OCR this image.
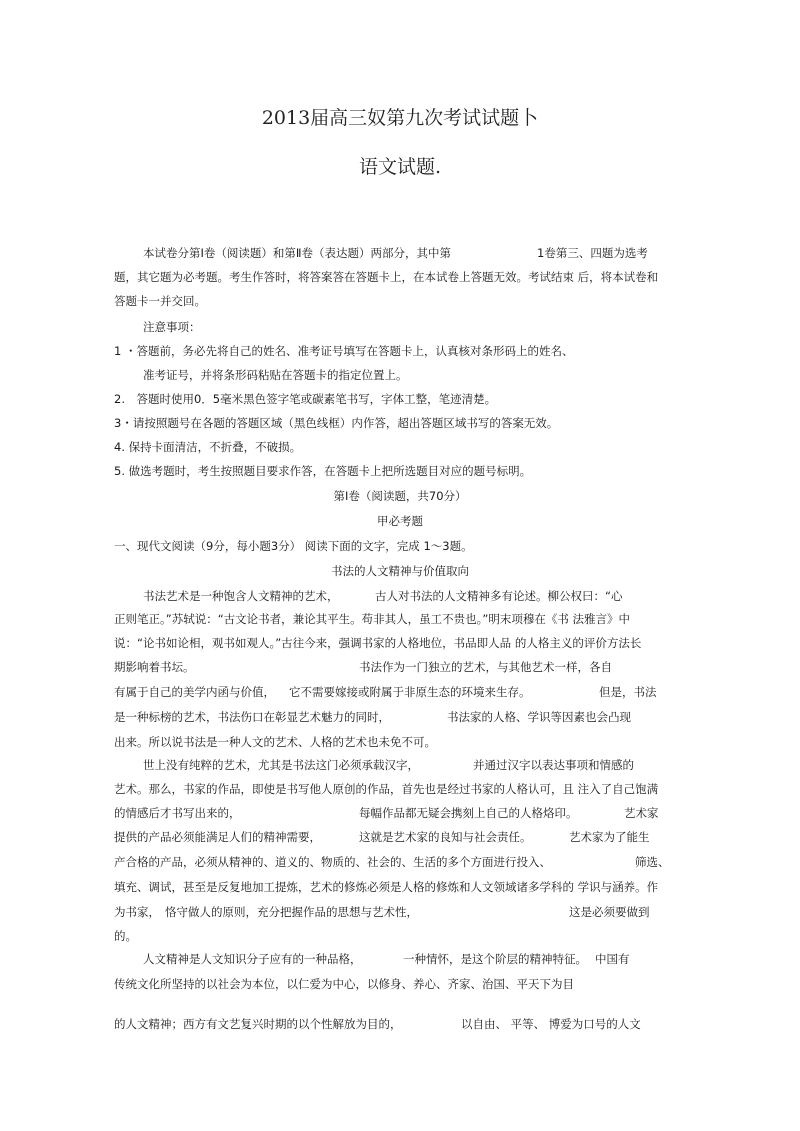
2013届高三奴第九次考试试题卜
语文试题.
本试卷分第Ⅰ卷（阅读题）和第Ⅱ卷（表达题）两部分，其中第	1卷第三、四题为选考
题，其它题为必考题。考生作答时，将答案答在答题卡上，在本试卷上答题无效。考试结束 后，将本试卷和
答题卡一并交回。
注意事项：
1 ・答题前，务必先将自己的姓名、准考证号填写在答题卡上，认真核对条形码上的姓名、
准考证号，并将条形码粘贴在答题卡的指定位置上。
2.　答题时使用0．5毫米黑色签字笔或碳素笔书写，字体工整，笔迹清楚。
3・请按照题号在各题的答题区域（黑色线框）内作答，超出答题区域书写的答案无效。
4. 保持卡面清洁，不折叠，不破损。
5. 做选考题时，考生按照题目要求作答，在答题卡上把所选题目对应的题号标明。
第Ⅰ卷（阅读题，共70分）
甲必考题
一、现代文阅读（9分，每小题3分） 阅读下面的文字，完成 1～3题。
书法的人文精神与价值取向
书法艺术是一种饱含人文精神的艺术，	古人对书法的人文精神多有论述。柳公权曰：“心
正则笔正。”苏轼说：“古文论书者，兼论其平生。苟非其人，虽工不贵也。”明末项穆在《书 法雅言》中
说：“论书如论相，观书如观人。”古往今来，强调书家的人格地位，书品即人品 的人格主义的评价方法长
期影响着书坛。	书法作为一门独立的艺术，与其他艺术一样，各自
有属于自己的美学内函与价值， 它不需要嫁接或附属于非原生态的环境来生存。	但是，书法
是一种标榜的艺术，书法伤口在彰显艺术魅力的同时，	书法家的人格、学识等因素也会凸现
出来。所以说书法是一种人文的艺术、人格的艺术也未免不可。
世上没有纯粹的艺术，尤其是书法这门必须承载汉字，	并通过汉字以表达事项和情感的
艺术。那么，书家的作品，即使是书写他人原创的作品，首先也是经过书家的人格认可，且 注入了自己饱满
的情感后才书写出来的，	每幅作品都无疑会携刻上自己的人格烙印。	艺术家
提供的产品必须能满足人们的精神需要，	这就是艺术家的良知与社会责任。	艺术家为了能生
产合格的产品，必须从精神的、道义的、物质的、社会的、生活的多个方面进行投入、	筛选、
填充、调试，甚至是反复地加工提炼，艺术的修炼必须是人格的修炼和人文领域诸多学科的 学识与涵养。作
为书家， 恪守做人的原则，充分把握作品的思想与艺术性，	这是必须要做到
的。
人文精神是人文知识分子应有的一种品格，	一种情怀，是这个阶层的精神特征。 中国有
传统文化所坚持的以社会为本位，以仁爱为中心，以修身、养心、齐家、治国、平天下为目
的人文精神；西方有文艺复兴时期的以个性解放为目的，	以自由、 平等、 博爱为口号的人文
